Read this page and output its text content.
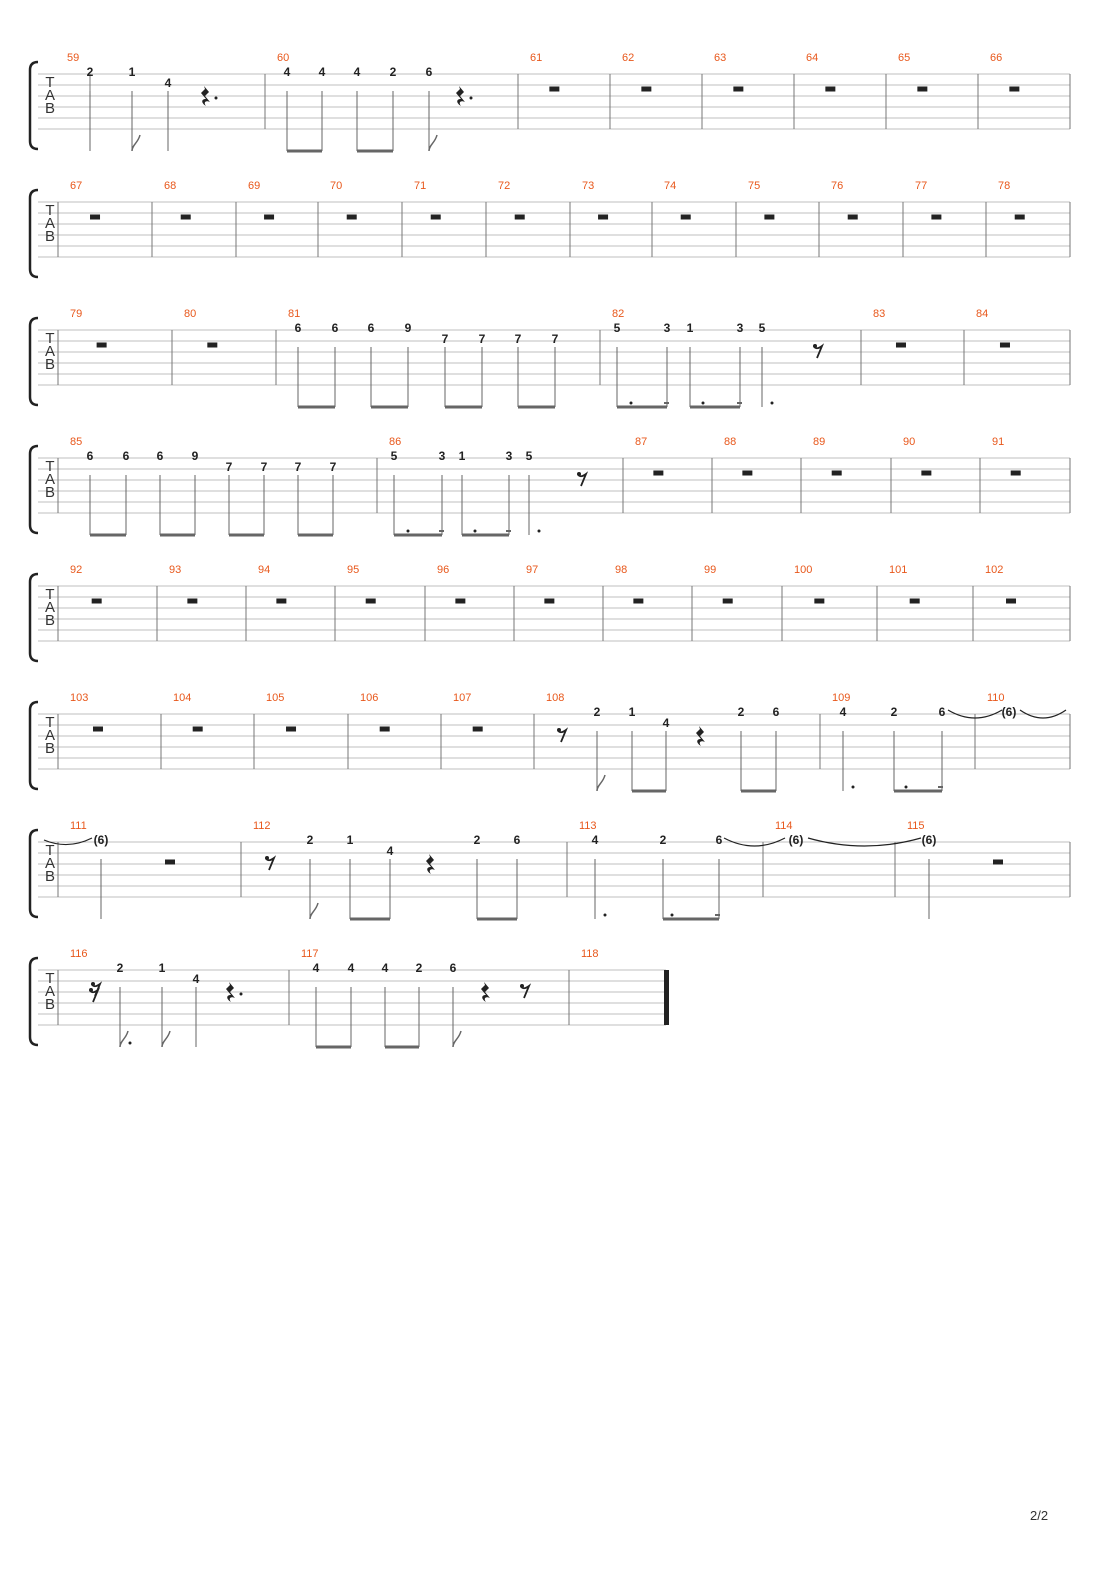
T
A
B
59
2	1
4
60
4 4 4 2 6
61	62	63	64	65	66
T
A
B
67	68	69	70	71	72	73	74	75	76	77	78
T
A
B
79	80	81
6	6 6	9
7	7 7	7
82
5	3 1	3 5
83	84
T
A
B
85
6 6 6 9
7 7 7 7
86
5	3 1	3 5
87	88	89	90	91
T
A
B
92	93	94	95	96	97	98	99	100	101	102
T
A
B
103	104	105	106	107	108
2 1
4
2 6
109
4	2	6
110
(6)
T
A
B
111
(6)
112
2	1
4
2	6
113
4	2	6
114
(6)
115
(6)
T
A
B
116
2	1
4
117
4 4 4 2 6
118
2/2
